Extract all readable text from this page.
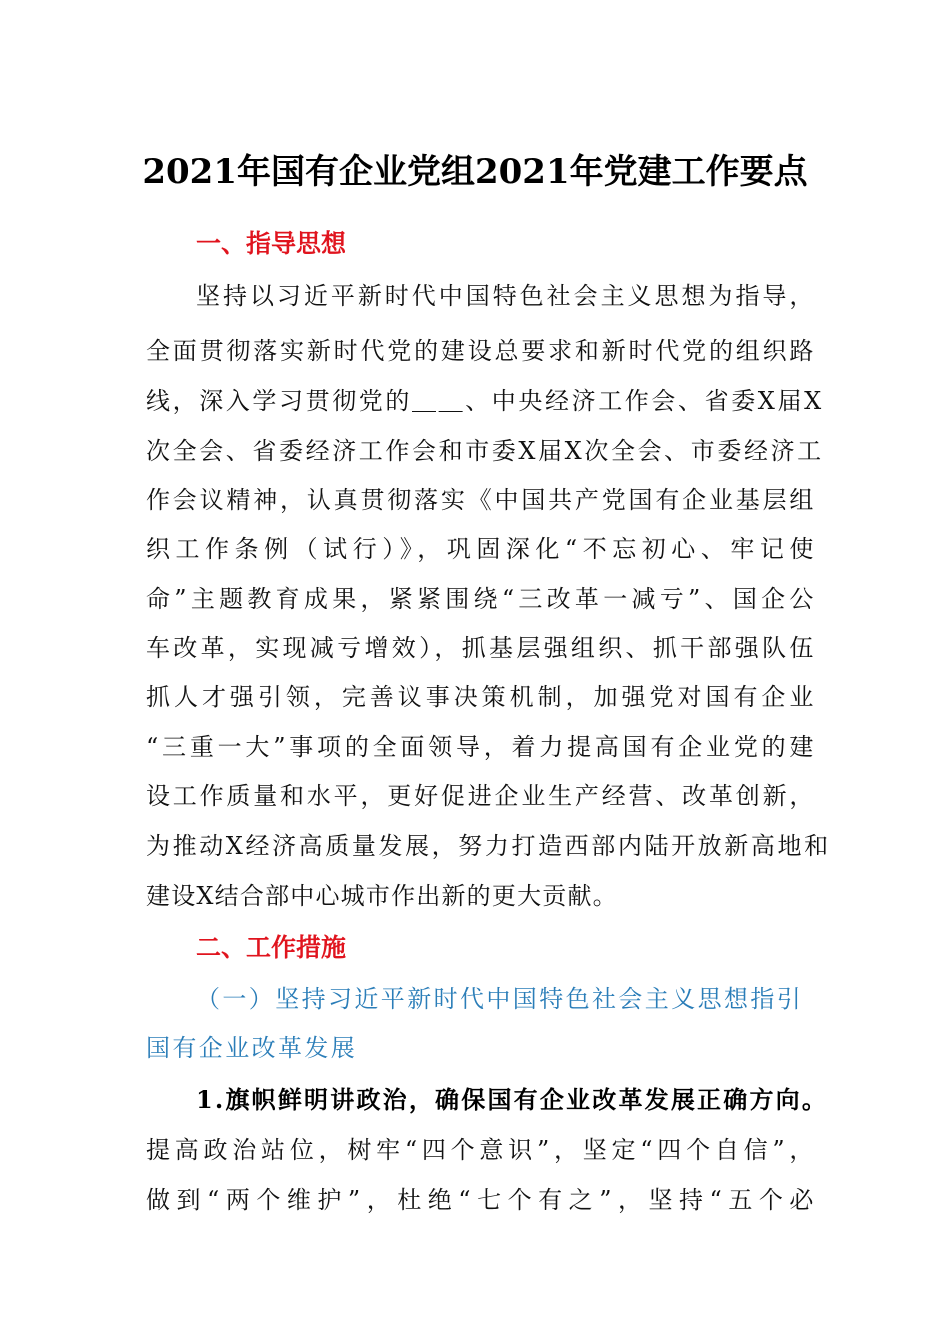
2021年国有企业党组2021年党建工作要点
一、指导思想
坚持以习近平新时代中国特色社会主义思想为指导，
全面贯彻落实新时代党的建设总要求和新时代党的组织路
线，深入学习贯彻党的＿＿、中央经济工作会、省委X届X
次全会、省委经济工作会和市委X届X次全会、市委经济工
作会议精神，认真贯彻落实《中国共产党国有企业基层组
织工作条例（试行）》，巩固深化“不忘初心、牢记使
命”主题教育成果，紧紧围绕“三改革一减亏”、国企公
车改革，实现减亏增效），抓基层强组织、抓干部强队伍
抓人才强引领，完善议事决策机制，加强党对国有企业
“三重一大”事项的全面领导，着力提高国有企业党的建
设工作质量和水平，更好促进企业生产经营、改革创新，
为推动X经济高质量发展，努力打造西部内陆开放新高地和
建设X结合部中心城市作出新的更大贡献。
二、工作措施
（一）坚持习近平新时代中国特色社会主义思想指引
国有企业改革发展
1.旗帜鲜明讲政治，确保国有企业改革发展正确方向。
提高政治站位，树牢“四个意识”，坚定“四个自信”，
做到“两个维护”，杜绝“七个有之”，坚持“五个必
